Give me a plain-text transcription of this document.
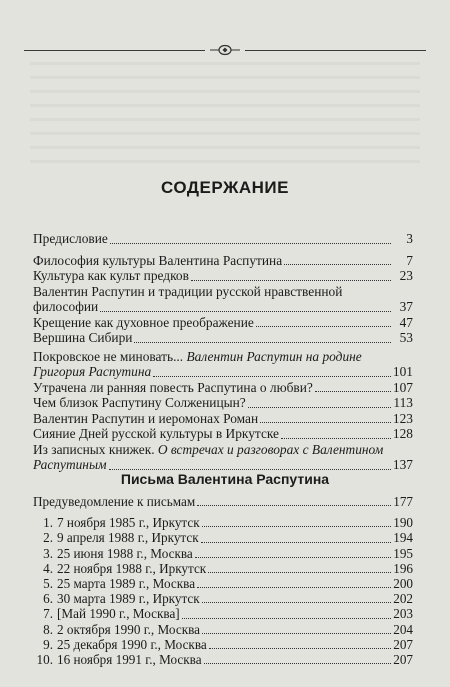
СОДЕРЖАНИЕ
Предисловие	3
Философия культуры Валентина Распутина	7
Культура как культ предков	23
Валентин Распутин и традиции русской нравственной
философии	37
Крещение как духовное преображение	47
Вершина Сибири	53
Покровское не миновать... Валентин Распутин на родине
Григория Распутина	101
Утрачена ли ранняя повесть Распутина о любви?	107
Чем близок Распутину Солженицын?	113
Валентин Распутин и иеромонах Роман	123
Сияние Дней русской культуры в Иркутске	128
Из записных книжек. О встречах и разговорах с Валентином
Распутиным	137
Письма Валентина Распутина
Предуведомление к письмам	177
1. 7 ноября 1985 г., Иркутск	190
2. 9 апреля 1988 г., Иркутск	194
3. 25 июня 1988 г., Москва	195
4. 22 ноября 1988 г., Иркутск	196
5. 25 марта 1989 г., Москва	200
6. 30 марта 1989 г., Иркутск	202
7. [Май 1990 г., Москва]	203
8. 2 октября 1990 г., Москва	204
9. 25 декабря 1990 г., Москва	207
10. 16 ноября 1991 г., Москва	207
